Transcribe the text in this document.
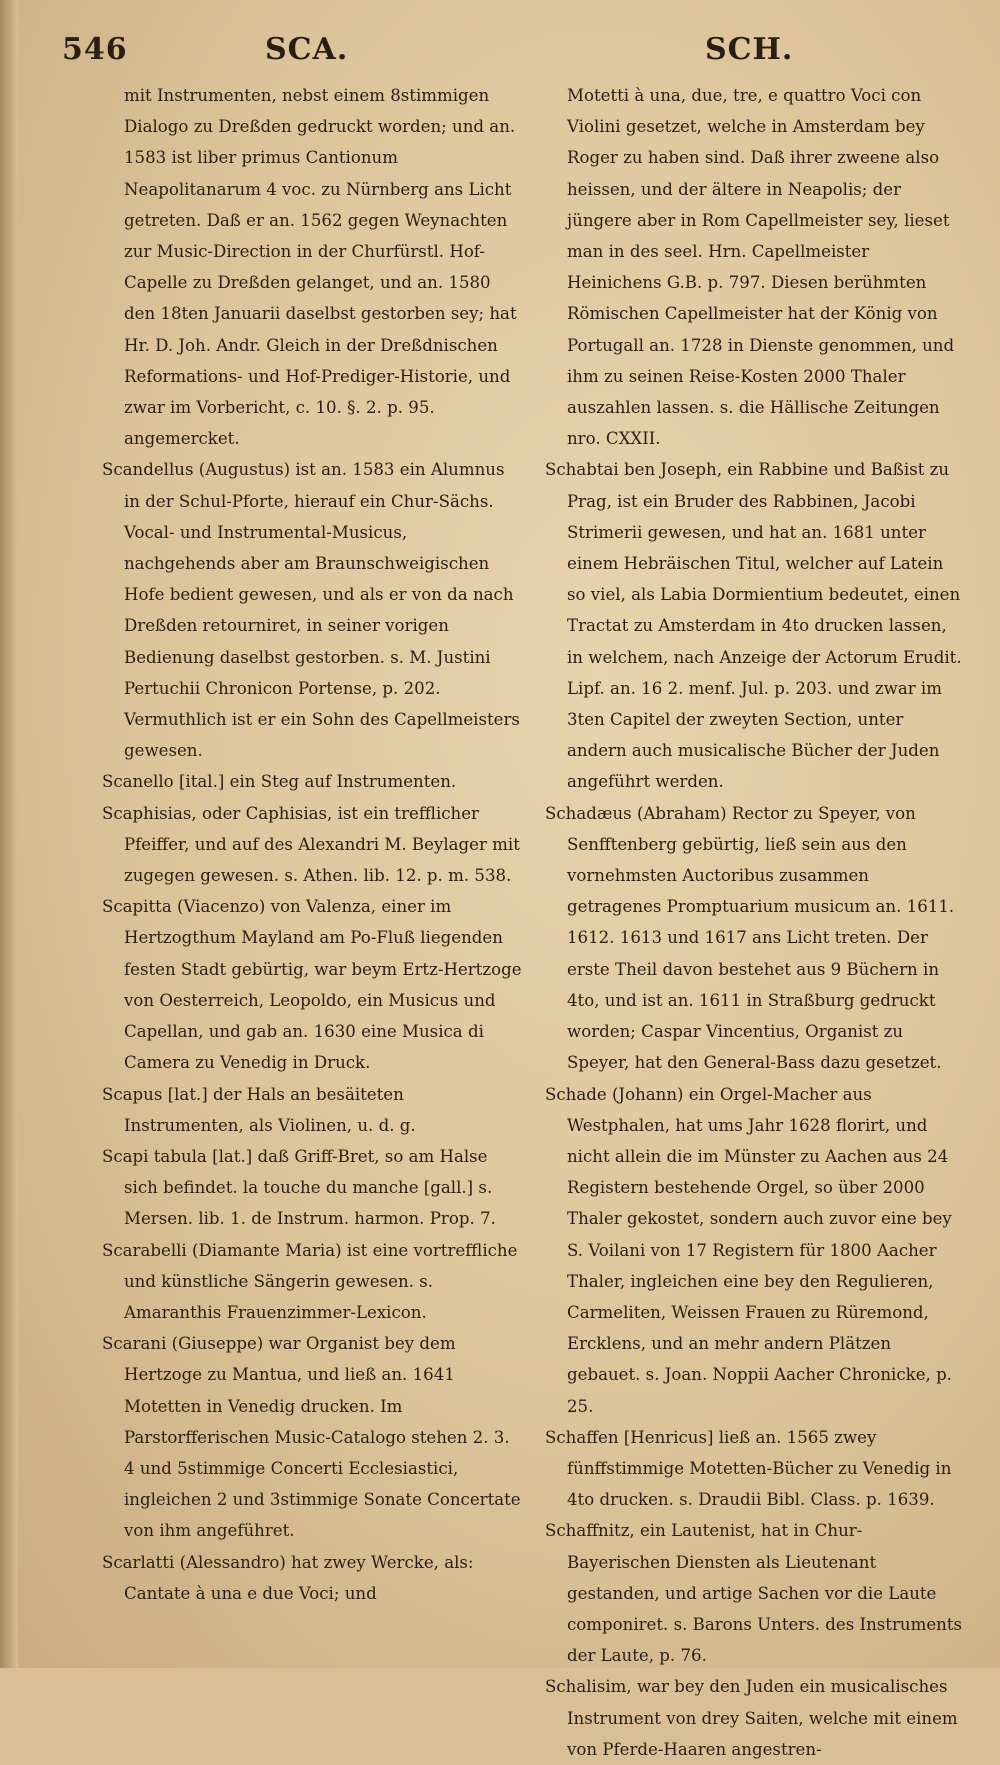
546	SCA.	SCH.

mit Instrumenten, nebst einem 8stimmigen Dialogo zu Dreßden gedruckt worden; und an. 1583 ist liber primus Cantionum Neapolitanarum 4 voc. zu Nürnberg ans Licht getreten. Daß er an. 1562 gegen Weynachten zur Music-Direction in der Churfürstl. Hof-Capelle zu Dreßden gelanget, und an. 1580 den 18ten Januarii daselbst gestorben sey; hat Hr. D. Joh. Andr. Gleich in der Dreßdnischen Reformations- und Hof-Prediger-Historie, und zwar im Vorbericht, c. 10. §. 2. p. 95. angemercket.

Scandellus (Augustus) ist an. 1583 ein Alumnus in der Schul-Pforte, hierauf ein Chur-Sächs. Vocal- und Instrumental-Musicus, nachgehends aber am Braunschweigischen Hofe bedient gewesen, und als er von da nach Dreßden retourniret, in seiner vorigen Bedienung daselbst gestorben. s. M. Justini Pertuchii Chronicon Portense, p. 202. Vermuthlich ist er ein Sohn des Capellmeisters gewesen.

Scanello [ital.] ein Steg auf Instrumenten.

Scaphisias, oder Caphisias, ist ein trefflicher Pfeiffer, und auf des Alexandri M. Beylager mit zugegen gewesen. s. Athen. lib. 12. p. m. 538.

Scapitta (Viacenzo) von Valenza, einer im Hertzogthum Mayland am Po-Fluß liegenden festen Stadt gebürtig, war beym Ertz-Hertzoge von Oesterreich, Leopoldo, ein Musicus und Capellan, und gab an. 1630 eine Musica di Camera zu Venedig in Druck.

Scapus [lat.] der Hals an besäiteten Instrumenten, als Violinen, u. d. g.

Scapi tabula [lat.] daß Griff-Bret, so am Halse sich befindet. la touche du manche [gall.] s. Mersen. lib. 1. de Instrum. harmon. Prop. 7.

Scarabelli (Diamante Maria) ist eine vortreffliche und künstliche Sängerin gewesen. s. Amaranthis Frauenzimmer-Lexicon.

Scarani (Giuseppe) war Organist bey dem Hertzoge zu Mantua, und ließ an. 1641 Motetten in Venedig drucken. Im Parstorfferischen Music-Catalogo stehen 2. 3. 4 und 5stimmige Concerti Ecclesiastici, ingleichen 2 und 3stimmige Sonate Concertate von ihm angeführet.

Scarlatti (Alessandro) hat zwey Wercke, als: Cantate à una e due Voci; und

Motetti à una, due, tre, e quattro Voci con Violini gesetzet, welche in Amsterdam bey Roger zu haben sind. Daß ihrer zweene also heissen, und der ältere in Neapolis; der jüngere aber in Rom Capellmeister sey, lieset man in des seel. Hrn. Capellmeister Heinichens G.B. p. 797. Diesen berühmten Römischen Capellmeister hat der König von Portugall an. 1728 in Dienste genommen, und ihm zu seinen Reise-Kosten 2000 Thaler auszahlen lassen. s. die Hällische Zeitungen nro. CXXII.

Schabtai ben Joseph, ein Rabbine und Baßist zu Prag, ist ein Bruder des Rabbinen, Jacobi Strimerii gewesen, und hat an. 1681 unter einem Hebräischen Titul, welcher auf Latein so viel, als Labia Dormientium bedeutet, einen Tractat zu Amsterdam in 4to drucken lassen, in welchem, nach Anzeige der Actorum Erudit. Lipf. an. 16 2. menf. Jul. p. 203. und zwar im 3ten Capitel der zweyten Section, unter andern auch musicalische Bücher der Juden angeführt werden.

Schadæus (Abraham) Rector zu Speyer, von Senfftenberg gebürtig, ließ sein aus den vornehmsten Auctoribus zusammen getragenes Promptuarium musicum an. 1611. 1612. 1613 und 1617 ans Licht treten. Der erste Theil davon bestehet aus 9 Büchern in 4to, und ist an. 1611 in Straßburg gedruckt worden; Caspar Vincentius, Organist zu Speyer, hat den General-Bass dazu gesetzet.

Schade (Johann) ein Orgel-Macher aus Westphalen, hat ums Jahr 1628 florirt, und nicht allein die im Münster zu Aachen aus 24 Registern bestehende Orgel, so über 2000 Thaler gekostet, sondern auch zuvor eine bey S. Voilani von 17 Registern für 1800 Aacher Thaler, ingleichen eine bey den Regulieren, Carmeliten, Weissen Frauen zu Rüremond, Ercklens, und an mehr andern Plätzen gebauet. s. Joan. Noppii Aacher Chronicke, p. 25.

Schaffen [Henricus] ließ an. 1565 zwey fünffstimmige Motetten-Bücher zu Venedig in 4to drucken. s. Draudii Bibl. Class. p. 1639.

Schaffnitz, ein Lautenist, hat in Chur-Bayerischen Diensten als Lieutenant gestanden, und artige Sachen vor die Laute componiret. s. Barons Unters. des Instruments der Laute, p. 76.

Schalisim, war bey den Juden ein musicalisches Instrument von drey Saiten, welche mit einem von Pferde-Haaren angestren-
